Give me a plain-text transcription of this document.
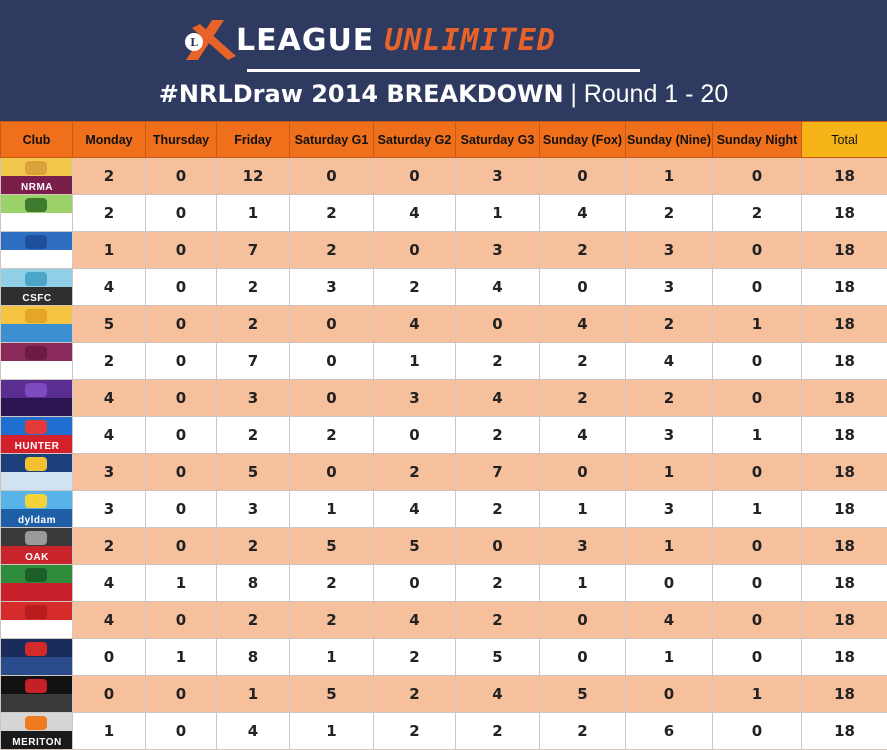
L LEAGUE UNLIMITED
#NRLDraw 2014 BREAKDOWN | Round 1 - 20
Club	Monday	Thursday	Friday	Saturday G1	Saturday G2	Saturday G3	Sunday (Fox)	Sunday (Nine)	Sunday Night	Total

NRMA	2	0	12	0	0	3	0	1	0	18

	2	0	1	2	4	1	4	2	2	18

	1	0	7	2	0	3	2	3	0	18

CSFC	4	0	2	3	2	4	0	3	0	18

	5	0	2	0	4	0	4	2	1	18

	2	0	7	0	1	2	2	4	0	18

	4	0	3	0	3	4	2	2	0	18

HUNTER	4	0	2	2	0	2	4	3	1	18

	3	0	5	0	2	7	0	1	0	18

dyldam	3	0	3	1	4	2	1	3	1	18

OAK	2	0	2	5	5	0	3	1	0	18

	4	1	8	2	0	2	1	0	0	18

	4	0	2	2	4	2	0	4	0	18

	0	1	8	1	2	5	0	1	0	18

	0	0	1	5	2	4	5	0	1	18

MERITON	1	0	4	1	2	2	2	6	0	18
